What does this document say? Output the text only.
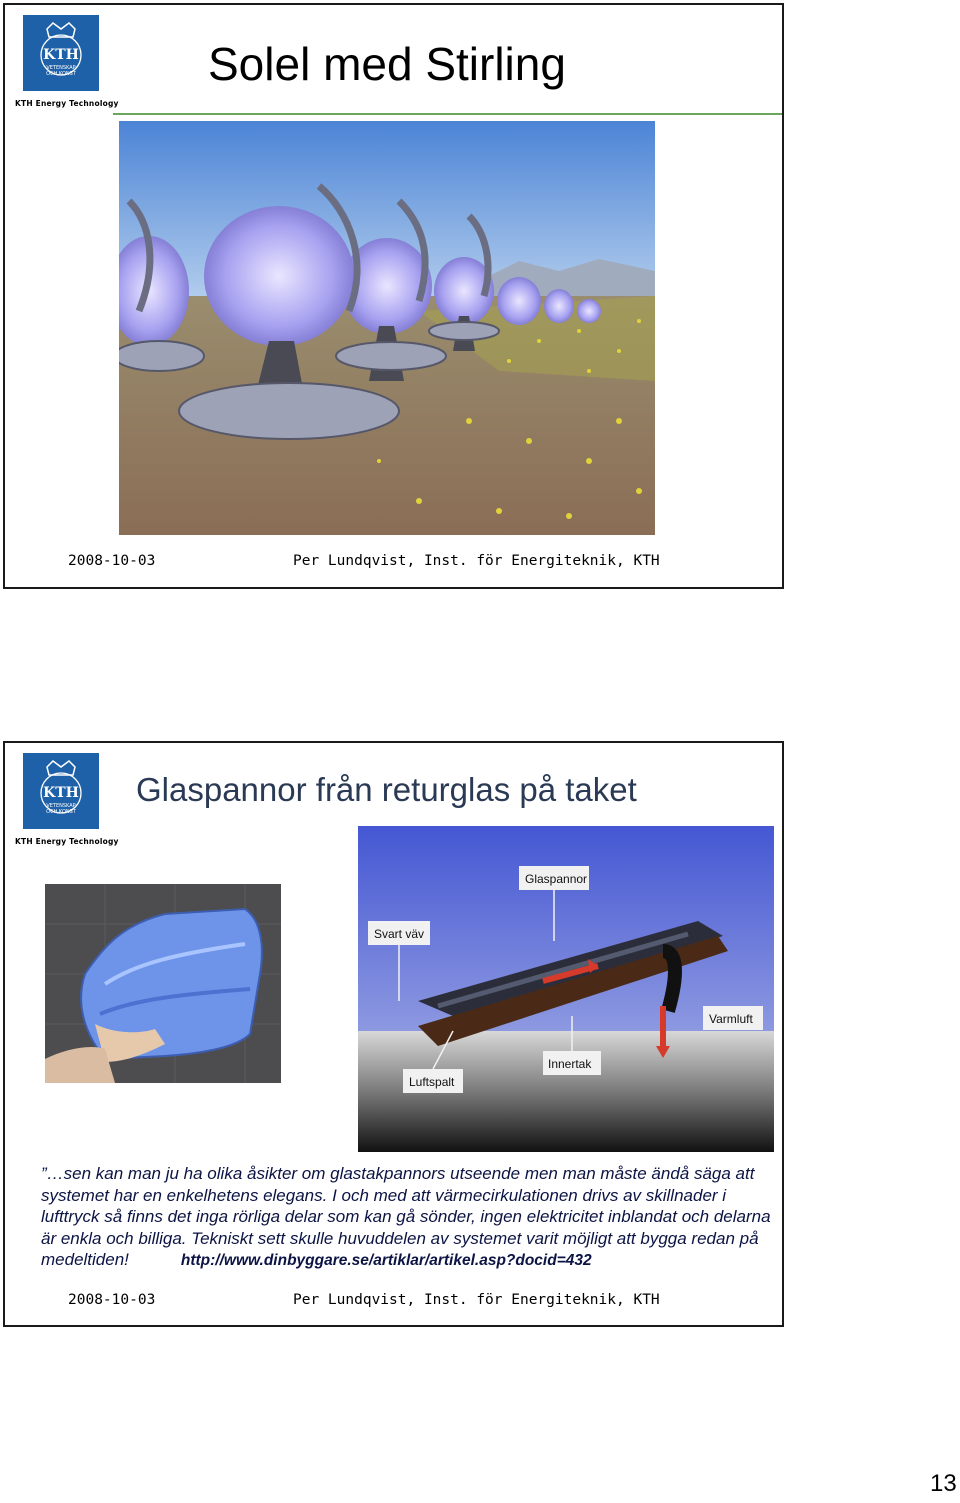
KTH
VETENSKAP
OCH KONST
KTH Energy Technology
Solel med Stirling
2008-10-03	Per Lundqvist, Inst. för Energiteknik, KTH
KTH
VETENSKAP
OCH KONST
KTH Energy Technology
Glaspannor från returglas på taket
Glaspannor
Svart väv
Varmluft
Innertak
Luftspalt
”…sen kan man ju ha olika åsikter om glastakpannors utseende men man måste ändå säga att systemet har en enkelhetens elegans. I och med att värmecirkulationen drivs av skillnader i lufttryck så finns det inga rörliga delar som kan gå sönder, ingen elektricitet inblandat och delarna är enkla och billiga. Tekniskt sett skulle huvuddelen av systemet varit möjligt att bygga redan på medeltiden!	http://www.dinbyggare.se/artiklar/artikel.asp?docid=432
2008-10-03	Per Lundqvist, Inst. för Energiteknik, KTH
13
